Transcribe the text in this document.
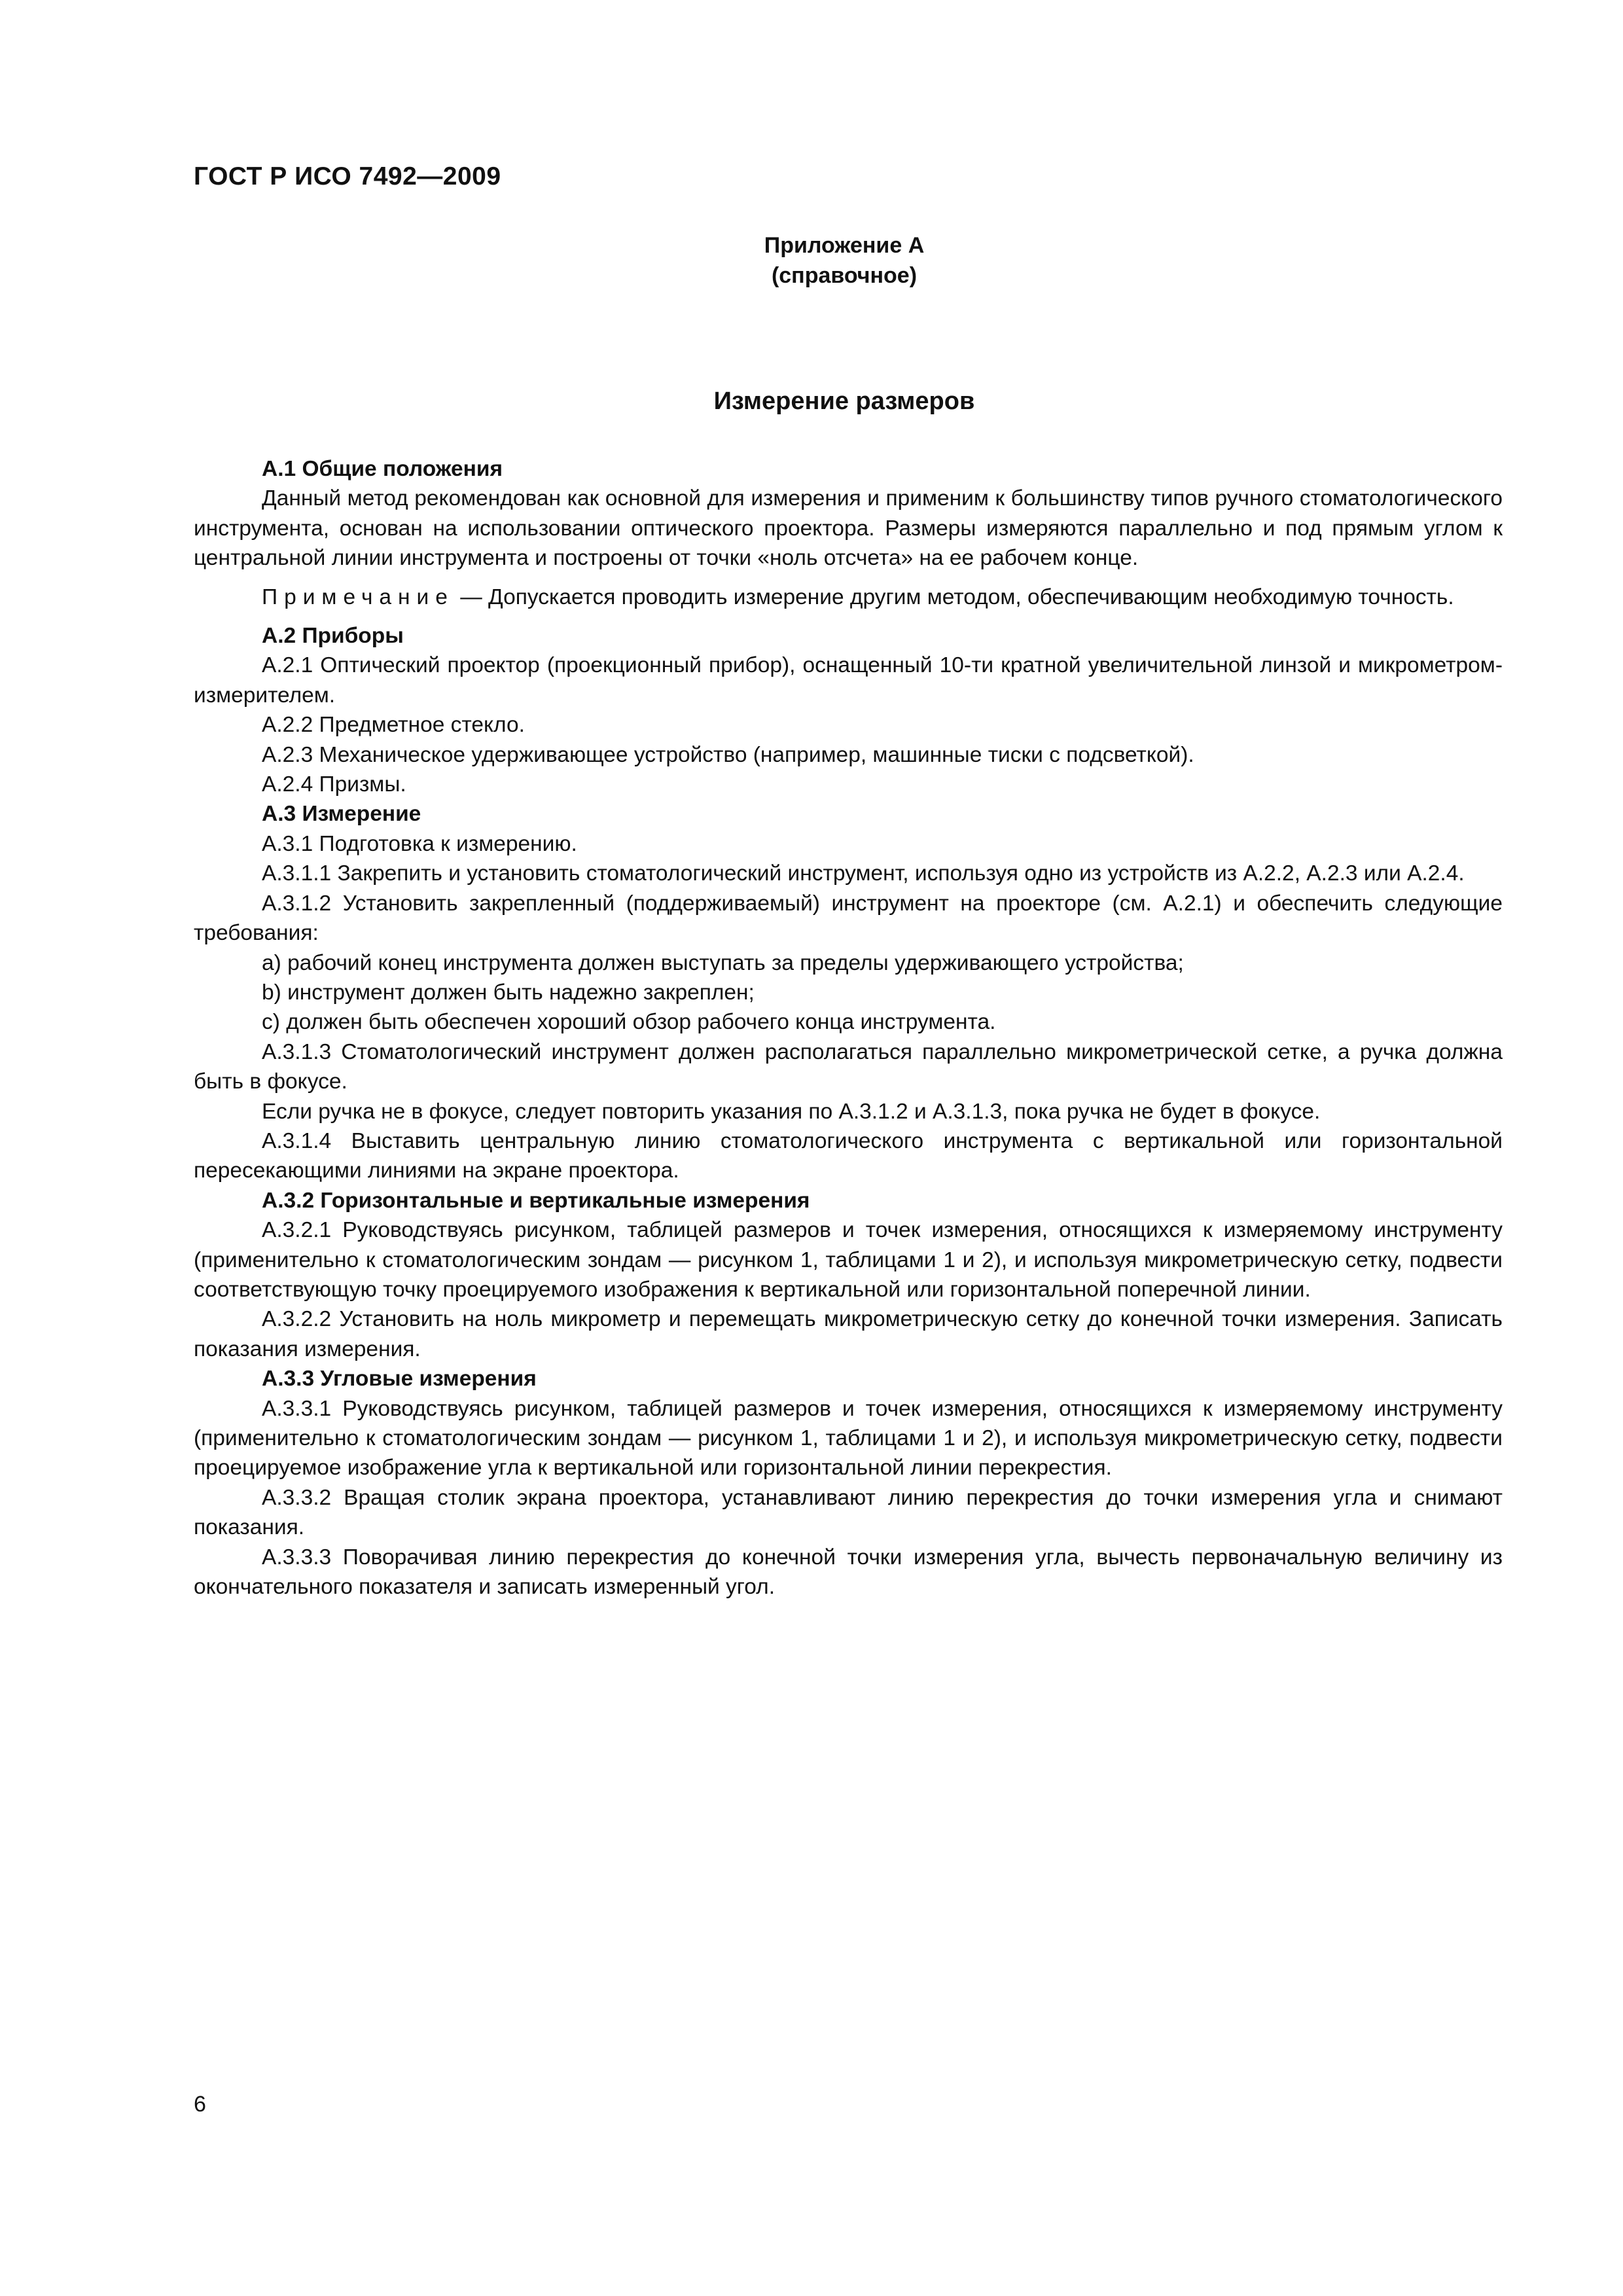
ГОСТ Р ИСО 7492—2009
Приложение А
(справочное)
Измерение размеров

А.1 Общие положения

Данный метод рекомендован как основной для измерения и применим к большинству типов ручного стоматологического инструмента, основан на использовании оптического проектора. Размеры измеряются параллельно и под прямым углом к центральной линии инструмента и построены от точки «ноль отсчета» на ее рабочем конце.

Примечание — Допускается проводить измерение другим методом, обеспечивающим необходимую точность.

А.2 Приборы

А.2.1 Оптический проектор (проекционный прибор), оснащенный 10-ти кратной увеличительной линзой и микрометром-измерителем.

А.2.2 Предметное стекло.

А.2.3 Механическое удерживающее устройство (например, машинные тиски с подсветкой).

А.2.4 Призмы.

А.3 Измерение

А.3.1 Подготовка к измерению.

А.3.1.1 Закрепить и установить стоматологический инструмент, используя одно из устройств из А.2.2, А.2.3 или А.2.4.

А.3.1.2 Установить закрепленный (поддерживаемый) инструмент на проекторе (см. А.2.1) и обеспечить следующие требования:

a) рабочий конец инструмента должен выступать за пределы удерживающего устройства;

b) инструмент должен быть надежно закреплен;

c) должен быть обеспечен хороший обзор рабочего конца инструмента.

А.3.1.3 Стоматологический инструмент должен располагаться параллельно микрометрической сетке, а ручка должна быть в фокусе.

Если ручка не в фокусе, следует повторить указания по А.3.1.2 и А.3.1.3, пока ручка не будет в фокусе.

А.3.1.4 Выставить центральную линию стоматологического инструмента с вертикальной или горизонтальной пересекающими линиями на экране проектора.

А.3.2 Горизонтальные и вертикальные измерения

А.3.2.1 Руководствуясь рисунком, таблицей размеров и точек измерения, относящихся к измеряемому инструменту (применительно к стоматологическим зондам — рисунком 1, таблицами 1 и 2), и используя микрометрическую сетку, подвести соответствующую точку проецируемого изображения к вертикальной или горизонтальной поперечной линии.

А.3.2.2 Установить на ноль микрометр и перемещать микрометрическую сетку до конечной точки измерения. Записать показания измерения.

А.3.3 Угловые измерения

А.3.3.1 Руководствуясь рисунком, таблицей размеров и точек измерения, относящихся к измеряемому инструменту (применительно к стоматологическим зондам — рисунком 1, таблицами 1 и 2), и используя микрометрическую сетку, подвести проецируемое изображение угла к вертикальной или горизонтальной линии перекрестия.

А.3.3.2 Вращая столик экрана проектора, устанавливают линию перекрестия до точки измерения угла и снимают показания.

А.3.3.3 Поворачивая линию перекрестия до конечной точки измерения угла, вычесть первоначальную величину из окончательного показателя и записать измеренный угол.

6
